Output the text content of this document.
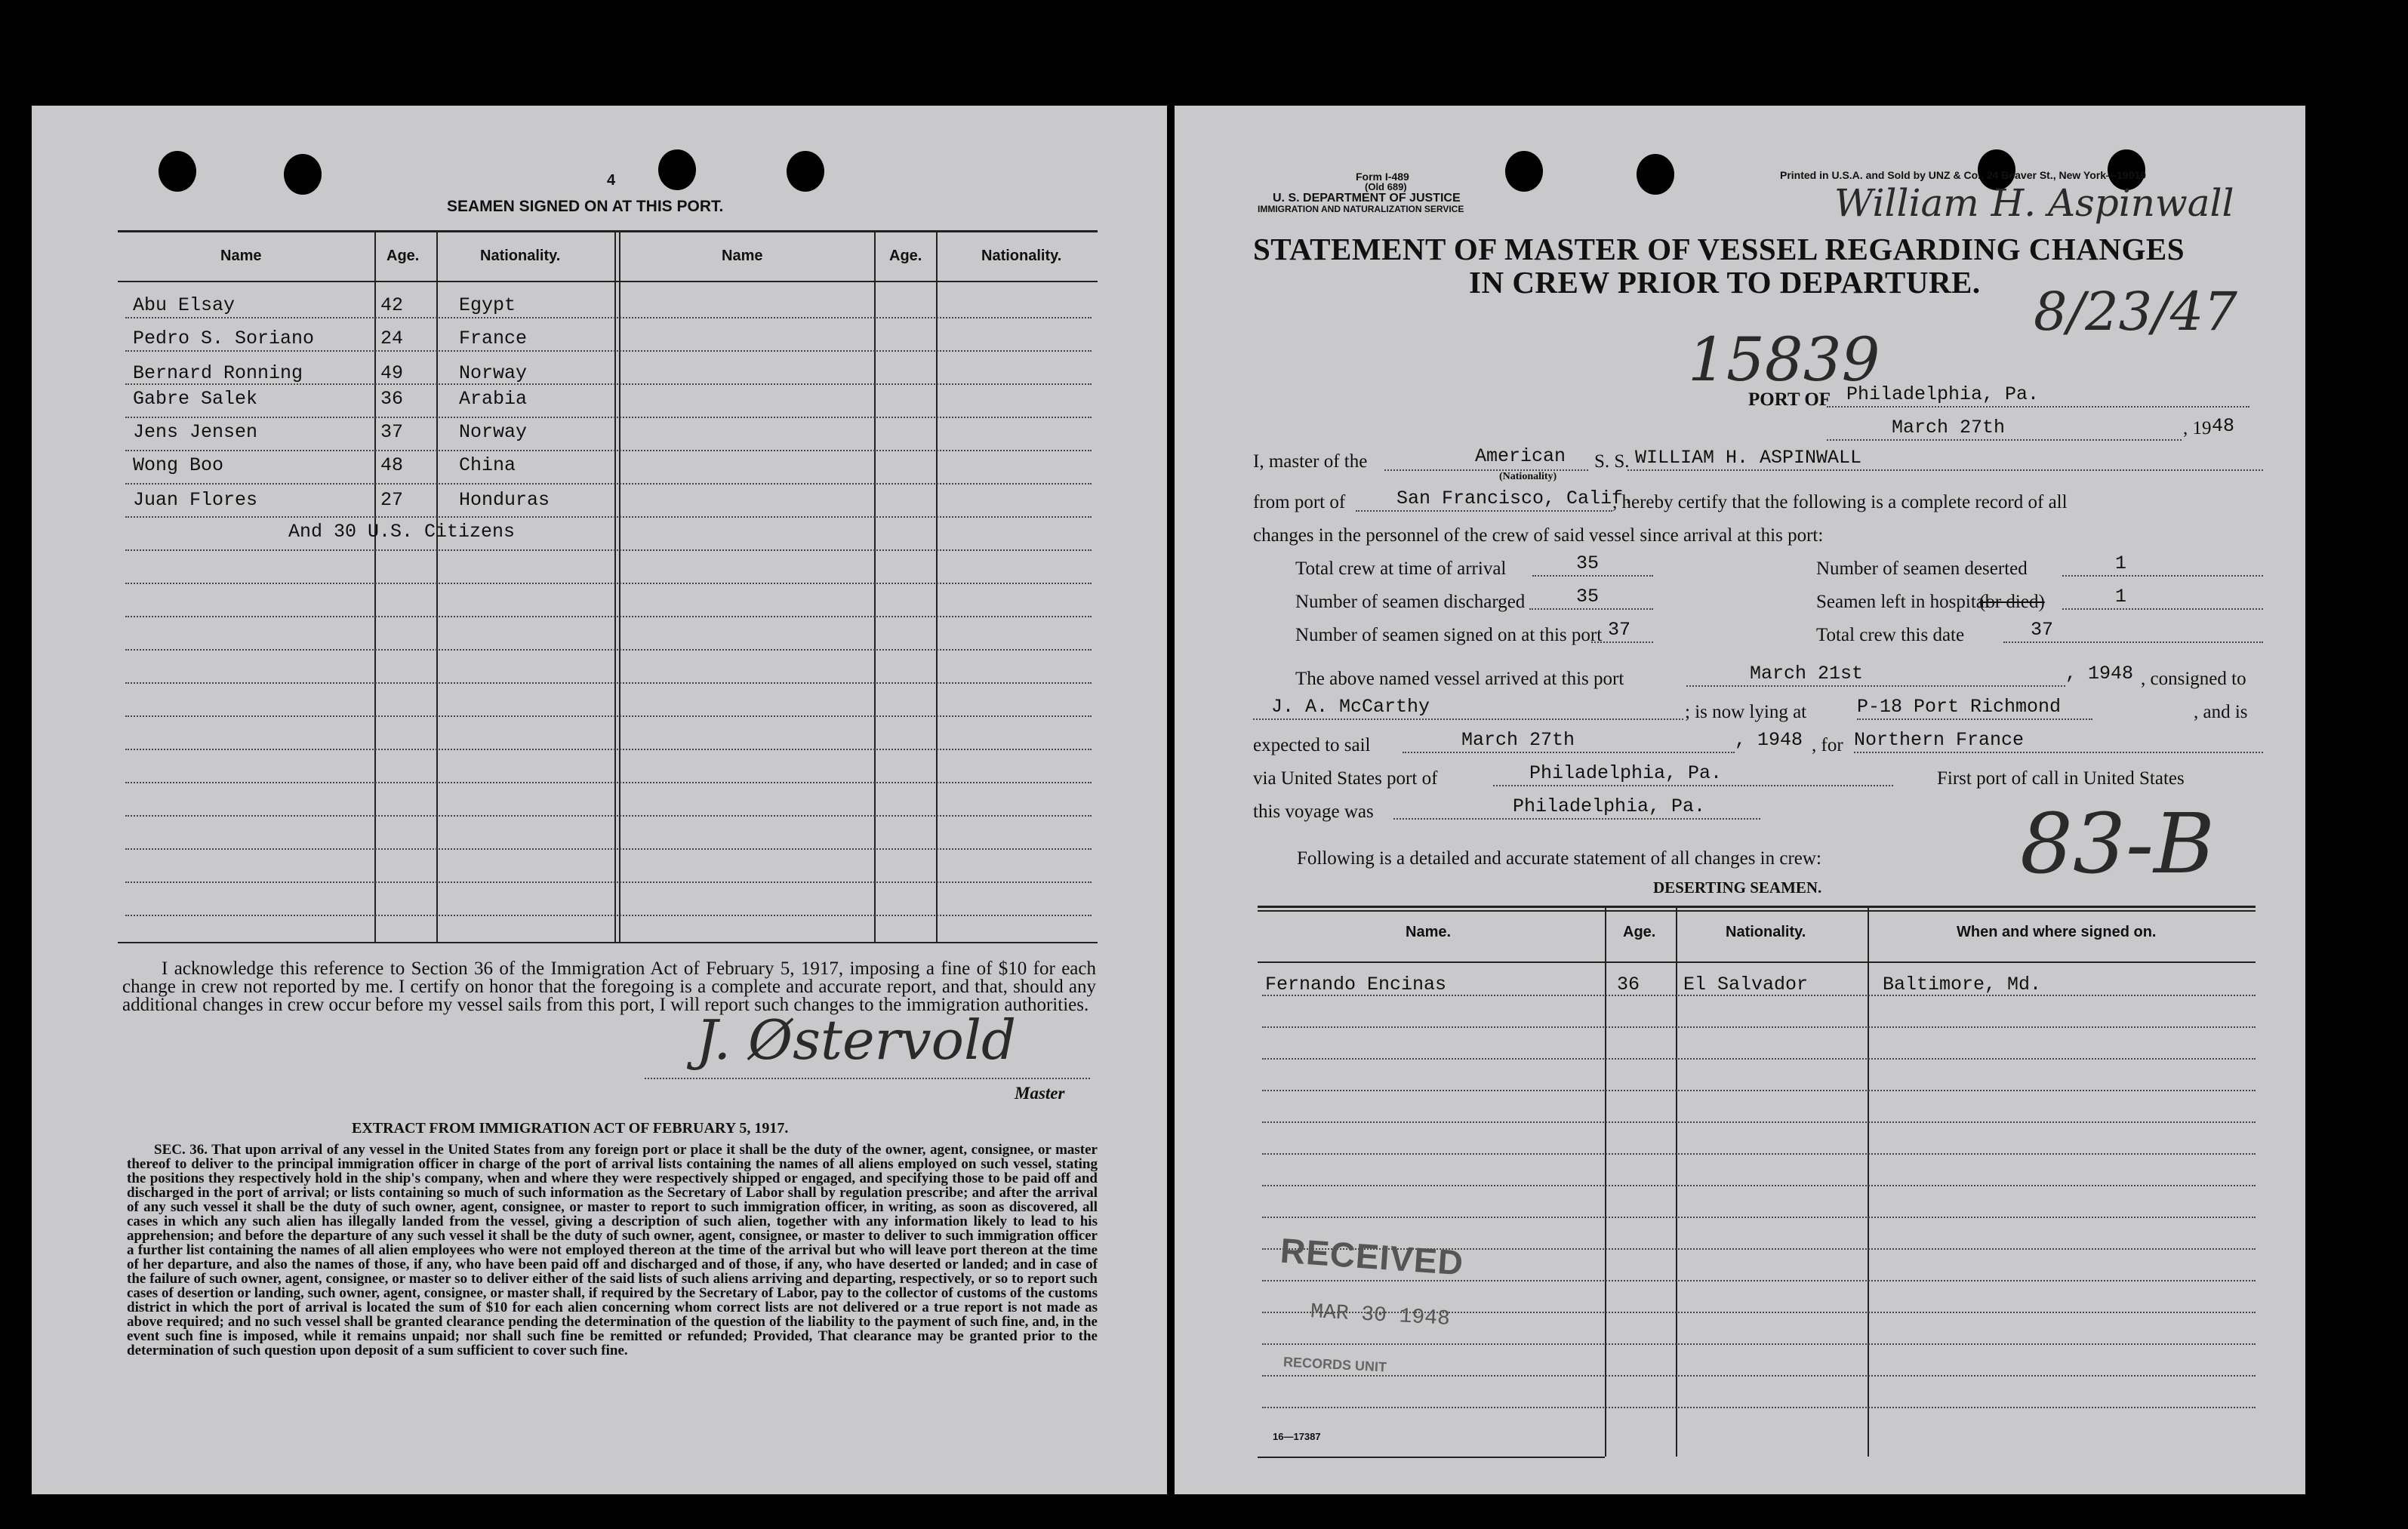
4
SEAMEN SIGNED ON AT THIS PORT.
Name	Age.	Nationality.	Name	Age.	Nationality.
Abu Elsay	42	Egypt
Pedro S. Soriano	24	France
Bernard Ronning	49	Norway
Gabre Salek	36	Arabia
Jens Jensen	37	Norway
Wong Boo	48	China
Juan Flores	27	Honduras
And 30 U.S. Citizens
I acknowledge this reference to Section 36 of the Immigration Act of February 5, 1917, imposing a fine of $10 for each change in crew not reported by me. I certify on honor that the foregoing is a complete and accurate report, and that, should any additional changes in crew occur before my vessel sails from this port, I will report such changes to the immigration authorities.
J. Østervold
Master
EXTRACT FROM IMMIGRATION ACT OF FEBRUARY 5, 1917.
SEC. 36. That upon arrival of any vessel in the United States from any foreign port or place it shall be the duty of the owner, agent, consignee, or master thereof to deliver to the principal immigration officer in charge of the port of arrival lists containing the names of all aliens employed on such vessel, stating the positions they respectively hold in the ship's company, when and where they were respectively shipped or engaged, and specifying those to be paid off and discharged in the port of arrival; or lists containing so much of such information as the Secretary of Labor shall by regulation prescribe; and after the arrival of any such vessel it shall be the duty of such owner, agent, consignee, or master to report to such immigration officer, in writing, as soon as discovered, all cases in which any such alien has illegally landed from the vessel, giving a description of such alien, together with any information likely to lead to his apprehension; and before the departure of any such vessel it shall be the duty of such owner, agent, consignee, or master to deliver to such immigration officer a further list containing the names of all alien employees who were not employed thereon at the time of the arrival but who will leave port thereon at the time of her departure, and also the names of those, if any, who have been paid off and discharged and of those, if any, who have deserted or landed; and in case of the failure of such owner, agent, consignee, or master so to deliver either of the said lists of such aliens arriving and departing, respectively, or so to report such cases of desertion or landing, such owner, agent, consignee, or master shall, if required by the Secretary of Labor, pay to the collector of customs of the customs district in which the port of arrival is located the sum of $10 for each alien concerning whom correct lists are not delivered or a true report is not made as above required; and no such vessel shall be granted clearance pending the determination of the question of the liability to the payment of such fine, and, in the event such fine is imposed, while it remains unpaid; nor shall such fine be remitted or refunded; Provided, That clearance may be granted prior to the determination of such question upon deposit of a sum sufficient to cover such fine.
Form I-489
(Old 689)
U. S. DEPARTMENT OF JUSTICE
IMMIGRATION AND NATURALIZATION SERVICE
Printed in U.S.A. and Sold by UNZ & Co., 24 Beaver St., New York—19019
William H. Aspinwall
8/23/47
15839
83-B
STATEMENT OF MASTER OF VESSEL REGARDING CHANGES
IN CREW PRIOR TO DEPARTURE.
PORT OF Philadelphia, Pa.
March 27th	, 19 48
I, master of the	American
(Nationality)
S. S. WILLIAM H. ASPINWALL
from port of	San Francisco, Calif.
, hereby certify that the following is a complete record of all
changes in the personnel of the crew of said vessel since arrival at this port:
Total crew at time of arrival	35	Number of seamen deserted	1
Number of seamen discharged	35	Seamen left in hospital
(or died)	1
Number of seamen signed on at this port 37	Total crew this date	37
The above named vessel arrived at this port	March 21st	, 1948 , consigned to
J. A. McCarthy	; is now lying at	P-18 Port Richmond	, and is
expected to sail	March 27th	, 1948 , for Northern France
via United States port of	Philadelphia, Pa.	First port of call in United States
this voyage was	Philadelphia, Pa.
Following is a detailed and accurate statement of all changes in crew:
DESERTING SEAMEN.
Name.	Age.	Nationality.	When and where signed on.
Fernando Encinas	36 El Salvador	Baltimore, Md.
RECEIVED
MAR 30 1948
RECORDS UNIT
16—17387
